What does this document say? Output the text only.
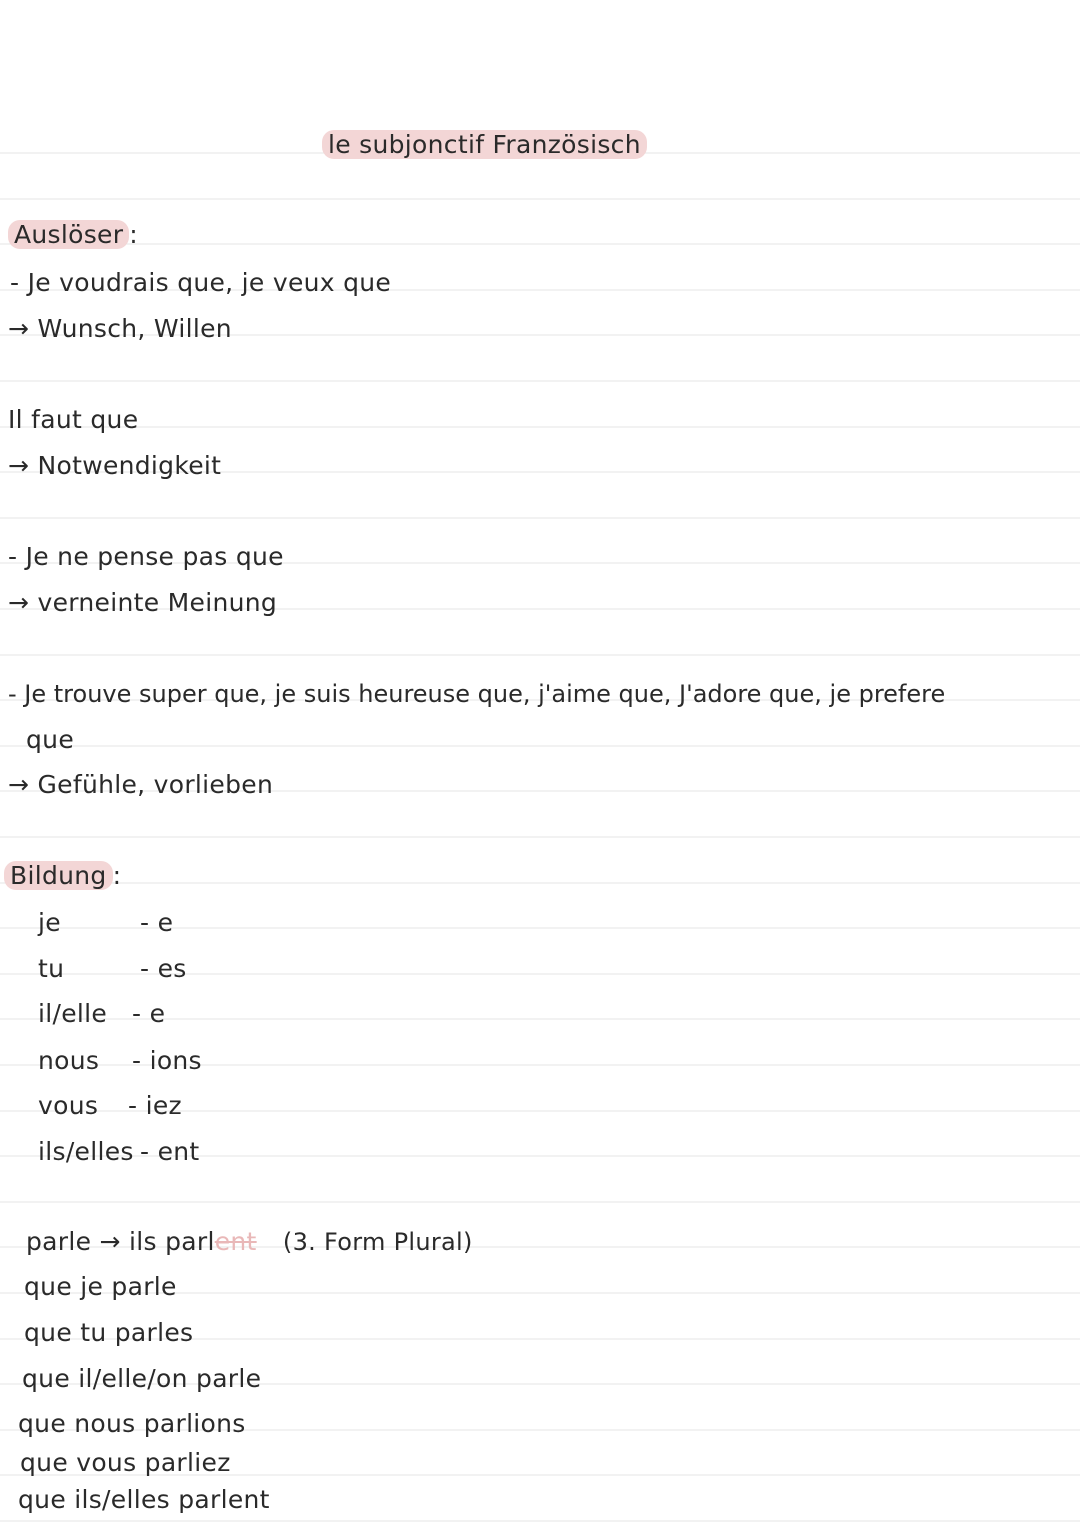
le subjonctif Französisch
Auslöser :
- Je voudrais que, je veux que
→ Wunsch, Willen
Il faut que
→ Notwendigkeit
- Je ne pense pas que
→ verneinte Meinung
- Je trouve super que, je suis heureuse que, j'aime que, J'adore que, je prefere
que
→ Gefühle, vorlieben
Bildung :
je	- e
tu	- es
il/elle - e
nous - ions
vous - iez
ils/elles - ent
parle → ils parlent (3. Form Plural)
que je parle
que tu parles
que il/elle/on parle
que nous parlions
que vous parliez
que ils/elles parlent
